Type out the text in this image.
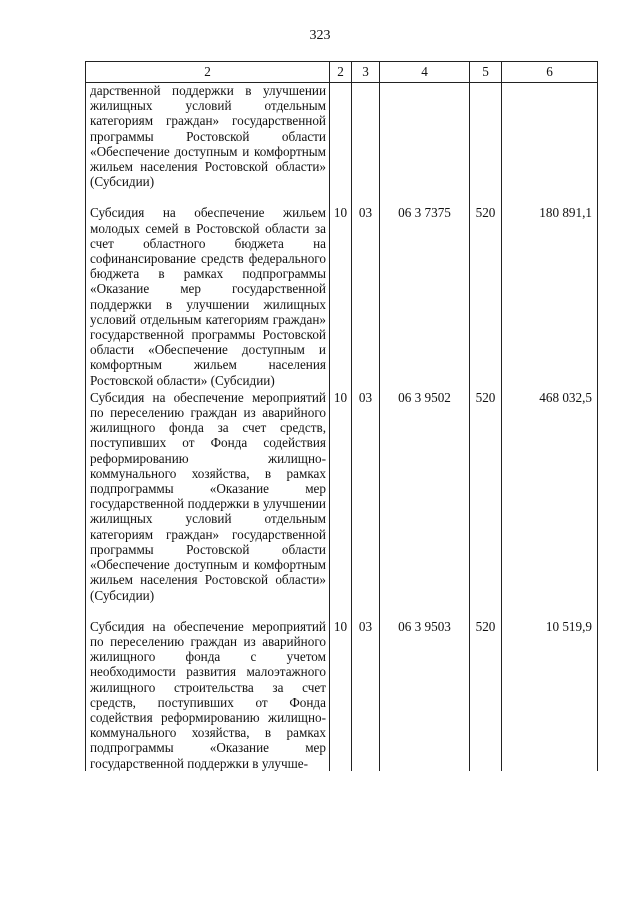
323
2	2	3	4	5	6
дарственной поддержки в улучшении жилищных условий отдельным категориям граждан» государственной программы Ростовской области «Обеспечение доступным и комфортным жильем населения Ростовской области» (Субсидии)					
Субсидия на обеспечение жильем молодых семей в Ростовской области за счет областного бюджета на софинансирование средств федерального бюджета в рамках подпрограммы «Оказание мер государственной поддержки в улучшении жилищных условий отдельным категориям граждан» государственной программы Ростовской области «Обеспечение доступным и комфортным жильем населения Ростовской области» (Субсидии)	10	03	06 3 7375	520	180 891,1
Субсидия на обеспечение мероприятий по переселению граждан из аварийного жилищного фонда за счет средств, поступивших от Фонда содействия реформированию жилищно-коммунального хозяйства, в рамках подпрограммы «Оказание мер государственной поддержки в улучшении жилищных условий отдельным категориям граждан» государственной программы Ростовской области «Обеспечение доступным и комфортным жильем населения Ростовской области» (Субсидии)	10	03	06 3 9502	520	468 032,5
Субсидия на обеспечение мероприятий по переселению граждан из аварийного жилищного фонда с учетом необходимости развития малоэтажного жилищного строительства за счет средств, поступивших от Фонда содействия реформированию жилищно-коммунального хозяйства, в рамках подпрограммы «Оказание мер государственной поддержки в улучше-	10	03	06 3 9503	520	10 519,9
